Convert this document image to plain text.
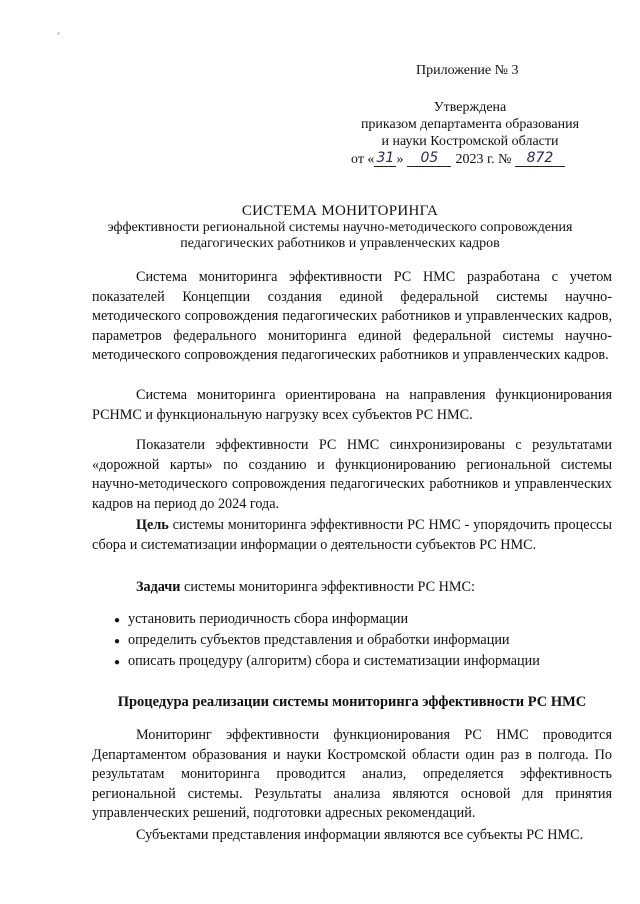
Приложение № 3
Утверждена
приказом департамента образования
и науки Костромской области
от « 31 » 05 2023 г. № 872
СИСТЕМА МОНИТОРИНГА
эффективности региональной системы научно-методического сопровождения
педагогических работников и управленческих кадров

Система мониторинга эффективности РС НМС разработана с учетом показателей Концепции создания единой федеральной системы научно-методического сопровождения педагогических работников и управленческих кадров, параметров федерального мониторинга единой федеральной системы научно-методического сопровождения педагогических работников и управленческих кадров.

Система мониторинга ориентирована на направления функционирования РСНМС и функциональную нагрузку всех субъектов РС НМС.

Показатели эффективности РС НМС синхронизированы с результатами «дорожной карты» по созданию и функционированию региональной системы научно-методического сопровождения педагогических работников и управленческих кадров на период до 2024 года.

Цель системы мониторинга эффективности РС НМС - упорядочить процессы сбора и систематизации информации о деятельности субъектов РС НМС.

Задачи системы мониторинга эффективности РС НМС:

● установить периодичность сбора информации
● определить субъектов представления и обработки информации
● описать процедуру (алгоритм) сбора и систематизации информации
Процедура реализации системы мониторинга эффективности РС НМС

Мониторинг эффективности функционирования РС НМС проводится Департаментом образования и науки Костромской области один раз в полгода. По результатам мониторинга проводится анализ, определяется эффективность региональной системы. Результаты анализа являются основой для принятия управленческих решений, подготовки адресных рекомендаций.

Субъектами представления информации являются все субъекты РС НМС.
